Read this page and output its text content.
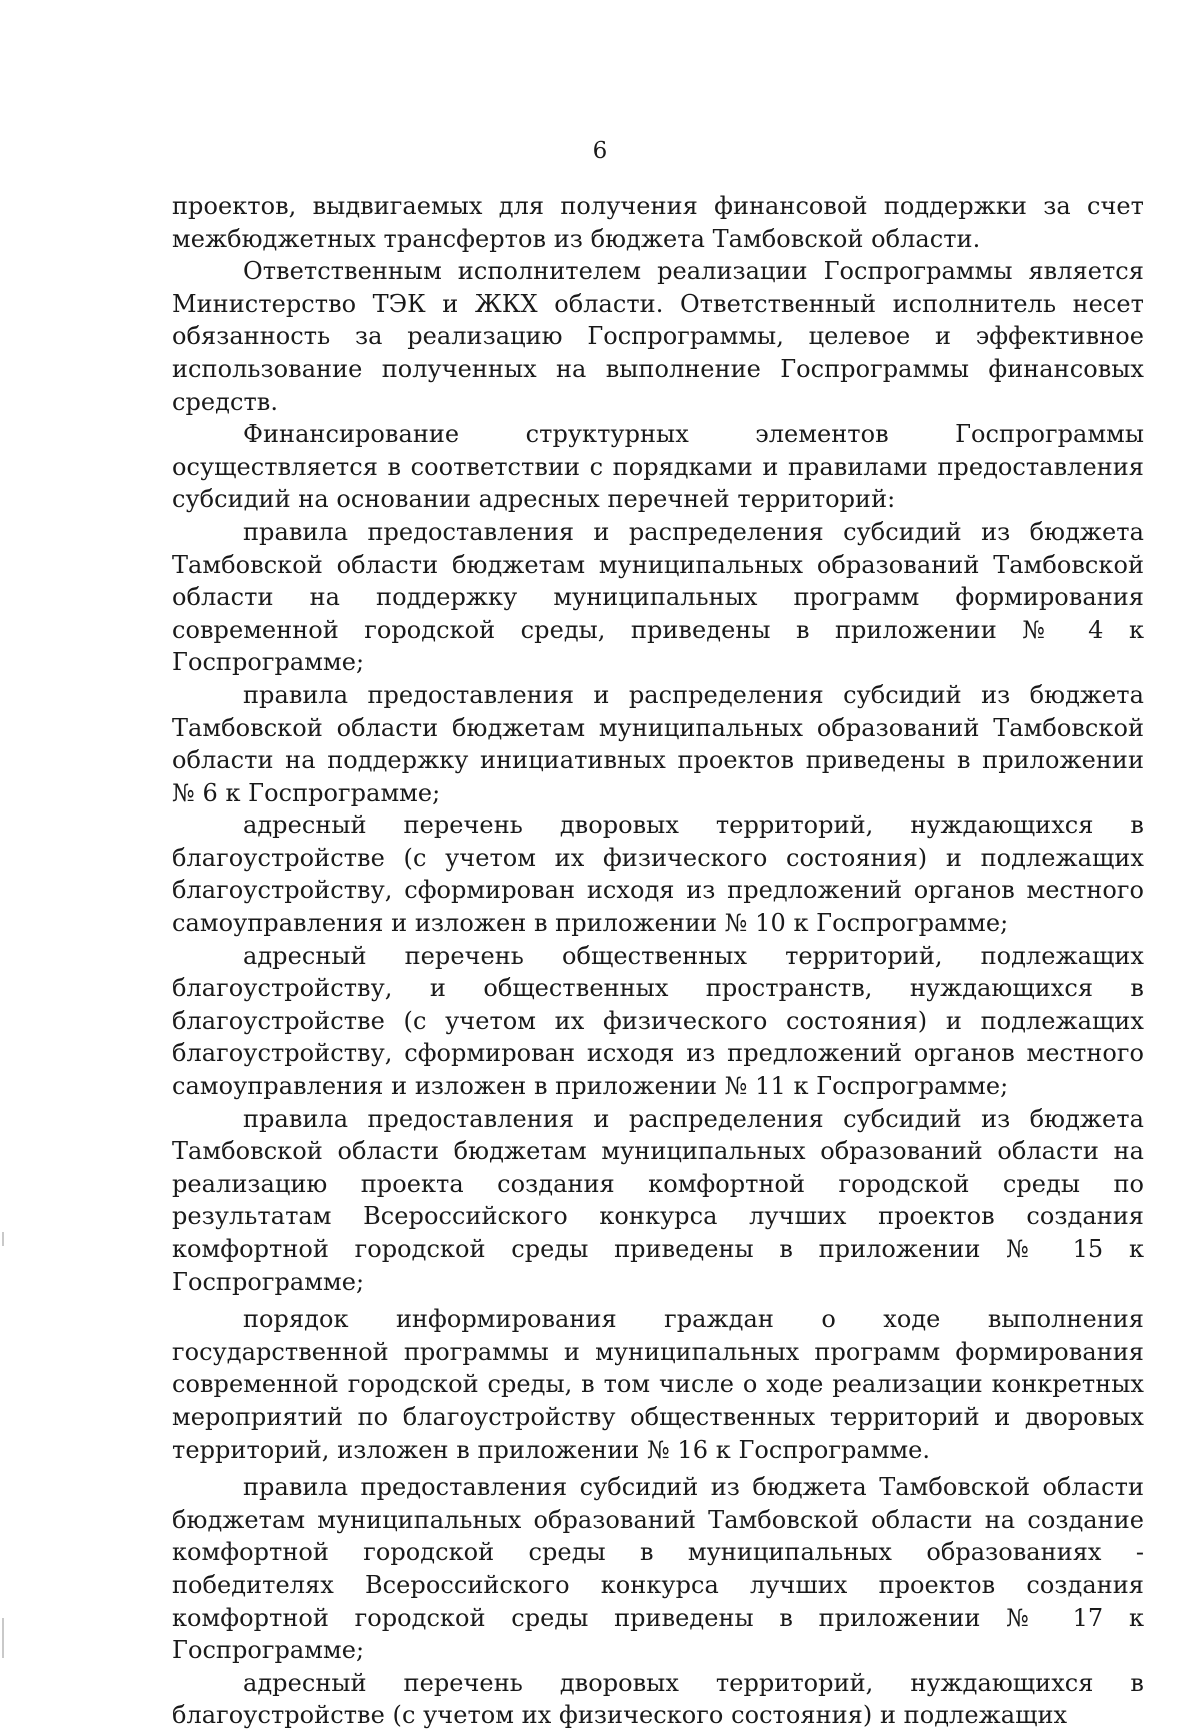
6

проектов, выдвигаемых для получения финансовой поддержки за счет межбюджетных трансфертов из бюджета Тамбовской области.

Ответственным исполнителем реализации Госпрограммы является Министерство ТЭК и ЖКХ области. Ответственный исполнитель несет обязанность за реализацию Госпрограммы, целевое и эффективное использование полученных на выполнение Госпрограммы финансовых средств.

Финансирование структурных элементов Госпрограммы осуществляется в соответствии с порядками и правилами предоставления субсидий на основании адресных перечней территорий:

правила предоставления и распределения субсидий из бюджета Тамбовской области бюджетам муниципальных образований Тамбовской области на поддержку муниципальных программ формирования современной городской среды, приведены в приложении № 4 к Госпрограмме;

правила предоставления и распределения субсидий из бюджета Тамбовской области бюджетам муниципальных образований Тамбовской области на поддержку инициативных проектов приведены в приложении № 6 к Госпрограмме;

адресный перечень дворовых территорий, нуждающихся в благоустройстве (с учетом их физического состояния) и подлежащих благоустройству, сформирован исходя из предложений органов местного самоуправления и изложен в приложении № 10 к Госпрограмме;

адресный перечень общественных территорий, подлежащих благоустройству, и общественных пространств, нуждающихся в благоустройстве (с учетом их физического состояния) и подлежащих благоустройству, сформирован исходя из предложений органов местного самоуправления и изложен в приложении № 11 к Госпрограмме;

правила предоставления и распределения субсидий из бюджета Тамбовской области бюджетам муниципальных образований области на реализацию проекта создания комфортной городской среды по результатам Всероссийского конкурса лучших проектов создания комфортной городской среды приведены в приложении № 15 к Госпрограмме;

порядок информирования граждан о ходе выполнения государственной программы и муниципальных программ формирования современной городской среды, в том числе о ходе реализации конкретных мероприятий по благоустройству общественных территорий и дворовых территорий, изложен в приложении № 16 к Госпрограмме.

правила предоставления субсидий из бюджета Тамбовской области бюджетам муниципальных образований Тамбовской области на создание комфортной городской среды в муниципальных образованиях - победителях Всероссийского конкурса лучших проектов создания комфортной городской среды приведены в приложении № 17 к Госпрограмме;

адресный перечень дворовых территорий, нуждающихся в благоустройстве (с учетом их физического состояния) и подлежащих
